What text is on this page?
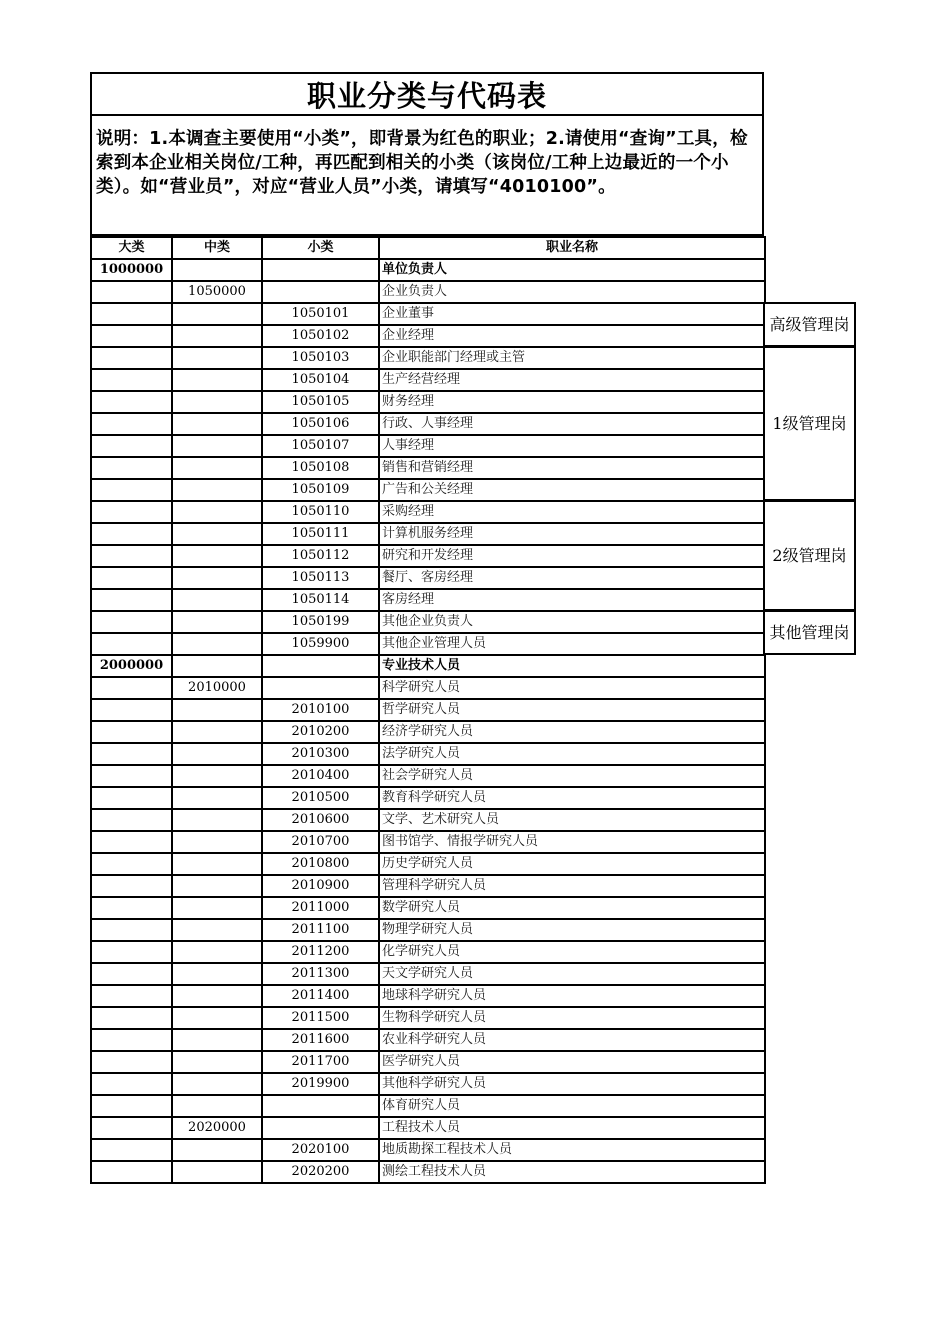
职业分类与代码表
说明：1.本调查主要使用“小类”，即背景为红色的职业；2.请使用“查询”工具，检索到本企业相关岗位/工种，再匹配到相关的小类（该岗位/工种上边最近的一个小类）。如“营业员”，对应“营业人员”小类，请填写“4010100”。
大类	中类	小类	职业名称
1000000			单位负责人
	1050000		企业负责人
		1050101	企业董事
		1050102	企业经理
		1050103	企业职能部门经理或主管
		1050104	生产经营经理
		1050105	财务经理
		1050106	行政、人事经理
		1050107	人事经理
		1050108	销售和营销经理
		1050109	广告和公关经理
		1050110	采购经理
		1050111	计算机服务经理
		1050112	研究和开发经理
		1050113	餐厅、客房经理
		1050114	客房经理
		1050199	其他企业负责人
		1059900	其他企业管理人员
2000000			专业技术人员
	2010000		科学研究人员
		2010100	哲学研究人员
		2010200	经济学研究人员
		2010300	法学研究人员
		2010400	社会学研究人员
		2010500	教育科学研究人员
		2010600	文学、艺术研究人员
		2010700	图书馆学、情报学研究人员
		2010800	历史学研究人员
		2010900	管理科学研究人员
		2011000	数学研究人员
		2011100	物理学研究人员
		2011200	化学研究人员
		2011300	天文学研究人员
		2011400	地球科学研究人员
		2011500	生物科学研究人员
		2011600	农业科学研究人员
		2011700	医学研究人员
		2019900	其他科学研究人员
			体育研究人员
	2020000		工程技术人员
		2020100	地质勘探工程技术人员
		2020200	测绘工程技术人员
高级管理岗
1级管理岗
2级管理岗
其他管理岗
